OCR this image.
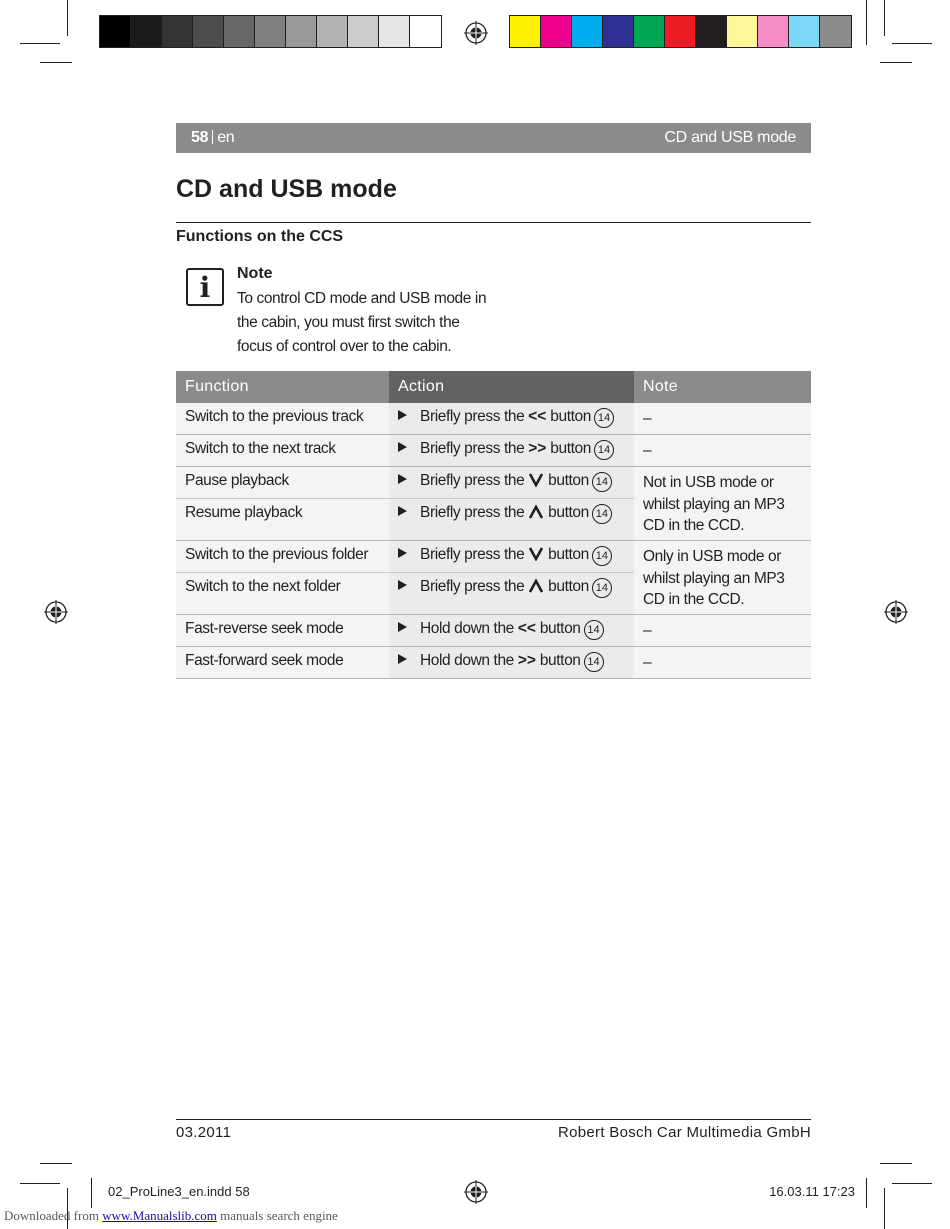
58 en	CD and USB mode
CD and USB mode
Functions on the CCS
i	Note
To control CD mode and USB mode in the cabin, you must first switch the focus of control over to the cabin.
Function	Action	Note
Switch to the previous track	Briefly press the << button 14	–
Switch to the next track	Briefly press the >> button 14	–
Pause playback	Briefly press the  button 14	Not in USB mode or whilst playing an MP3 CD in the CCD.
Resume playback	Briefly press the  button 14	
Switch to the previous folder	Briefly press the  button 14	Only in USB mode or whilst playing an MP3 CD in the CCD.
Switch to the next folder	Briefly press the  button 14	
Fast-reverse seek mode	Hold down the << button 14	–
Fast-forward seek mode	Hold down the >> button 14	–
03.2011	Robert Bosch Car Multimedia GmbH
02_ProLine3_en.indd 58	16.03.11 17:23
Downloaded from www.Manualslib.com manuals search engine
